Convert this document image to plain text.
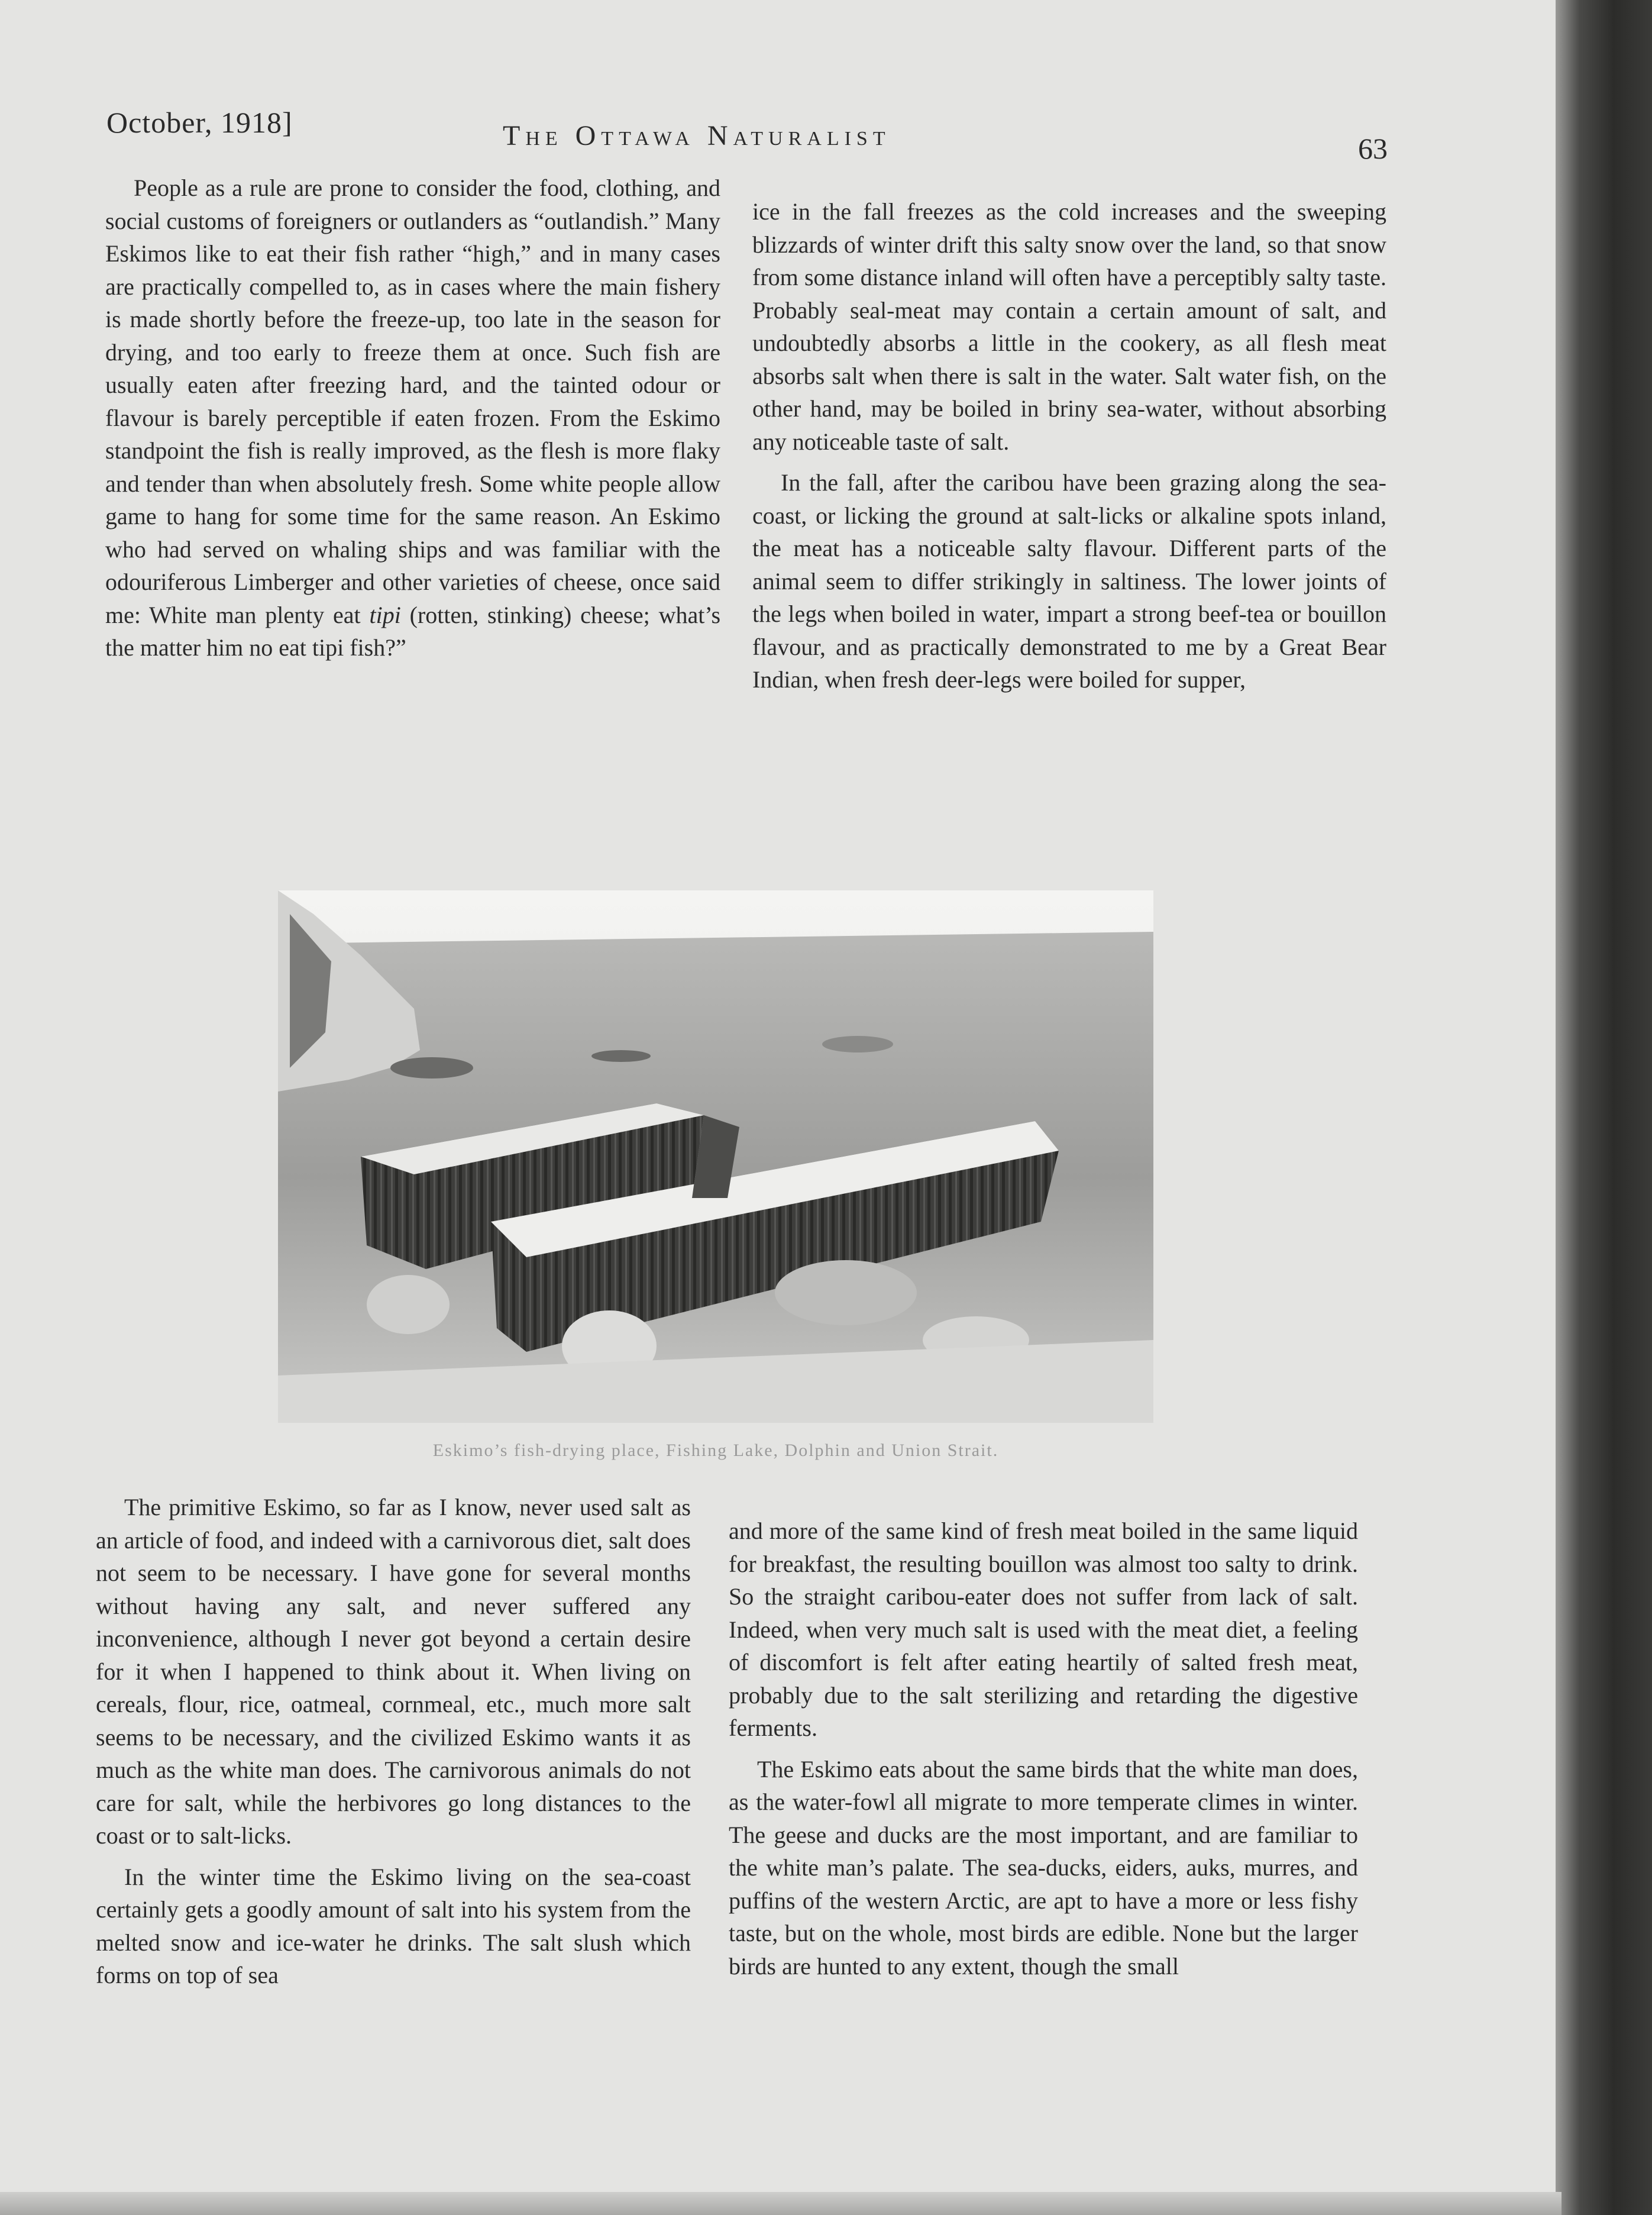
October, 1918]	The Ottawa Naturalist	63

People as a rule are prone to consider the food, clothing, and social customs of foreigners or outlanders as “outlandish.” Many Eskimos like to eat their fish rather “high,” and in many cases are practically compelled to, as in cases where the main fishery is made shortly before the freeze-up, too late in the season for drying, and too early to freeze them at once. Such fish are usually eaten after freezing hard, and the tainted odour or flavour is barely perceptible if eaten frozen. From the Eskimo standpoint the fish is really improved, as the flesh is more flaky and tender than when absolutely fresh. Some white people allow game to hang for some time for the same reason. An Eskimo who had served on whaling ships and was familiar with the odouriferous Limberger and other varieties of cheese, once said me: White man plenty eat tipi (rotten, stinking) cheese; what’s the matter him no eat tipi fish?”

ice in the fall freezes as the cold increases and the sweeping blizzards of winter drift this salty snow over the land, so that snow from some distance inland will often have a perceptibly salty taste. Probably seal-meat may contain a certain amount of salt, and undoubtedly absorbs a little in the cookery, as all flesh meat absorbs salt when there is salt in the water. Salt water fish, on the other hand, may be boiled in briny sea-water, without absorbing any noticeable taste of salt.

In the fall, after the caribou have been grazing along the sea-coast, or licking the ground at salt-licks or alkaline spots inland, the meat has a noticeable salty flavour. Different parts of the animal seem to differ strikingly in saltiness. The lower joints of the legs when boiled in water, impart a strong beef-tea or bouillon flavour, and as practically demonstrated to me by a Great Bear Indian, when fresh deer-legs were boiled for supper,

Eskimo’s fish-drying place, Fishing Lake, Dolphin and Union Strait.

The primitive Eskimo, so far as I know, never used salt as an article of food, and indeed with a carnivorous diet, salt does not seem to be necessary. I have gone for several months without having any salt, and never suffered any inconvenience, although I never got beyond a certain desire for it when I happened to think about it. When living on cereals, flour, rice, oatmeal, cornmeal, etc., much more salt seems to be necessary, and the civilized Eskimo wants it as much as the white man does. The carnivorous animals do not care for salt, while the herbivores go long distances to the coast or to salt-licks.

In the winter time the Eskimo living on the sea-coast certainly gets a goodly amount of salt into his system from the melted snow and ice-water he drinks. The salt slush which forms on top of sea

and more of the same kind of fresh meat boiled in the same liquid for breakfast, the resulting bouillon was almost too salty to drink. So the straight caribou-eater does not suffer from lack of salt. Indeed, when very much salt is used with the meat diet, a feeling of discomfort is felt after eating heartily of salted fresh meat, probably due to the salt sterilizing and retarding the digestive ferments.

The Eskimo eats about the same birds that the white man does, as the water-fowl all migrate to more temperate climes in winter. The geese and ducks are the most important, and are familiar to the white man’s palate. The sea-ducks, eiders, auks, murres, and puffins of the western Arctic, are apt to have a more or less fishy taste, but on the whole, most birds are edible. None but the larger birds are hunted to any extent, though the small
